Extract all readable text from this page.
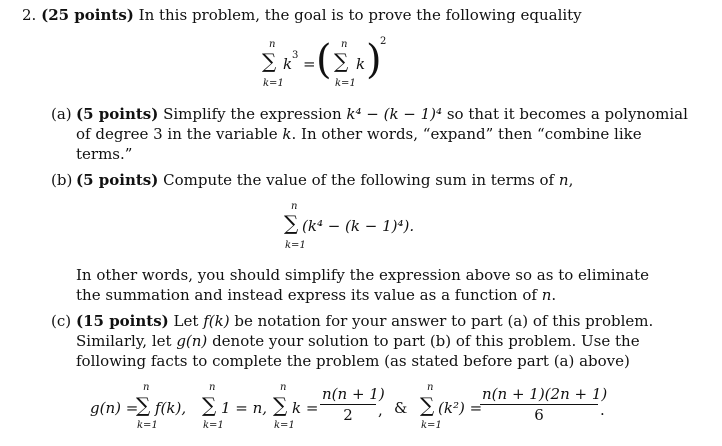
2. (25 points) In this problem, the goal is to prove the following equality
n
∑
k=1
k 3 = ( n
∑
k=1
k )
2
(a) (5 points) Simplify the expression k⁴ − (k − 1)⁴ so that it becomes a polynomial
of degree 3 in the variable k. In other words, “expand” then “combine like
terms.”
(b) (5 points) Compute the value of the following sum in terms of n,
n
∑
k=1
(k⁴ − (k − 1)⁴).
In other words, you should simplify the expression above so as to eliminate
the summation and instead express its value as a function of n.
(c) (15 points) Let f(k) be notation for your answer to part (a) of this problem.
Similarly, let g(n) denote your solution to part (b) of this problem. Use the
following facts to complete the problem (as stated before part (a) above)
g(n) =
n
∑
k=1
f(k),
n
∑
k=1
1 = n,
n
∑
k=1
$k = \frac{n(n + 1)}{2}$ , &
n
∑
k=1
(k²) =
$\frac{n(n + 1)(2n + 1)}{6}$ .
